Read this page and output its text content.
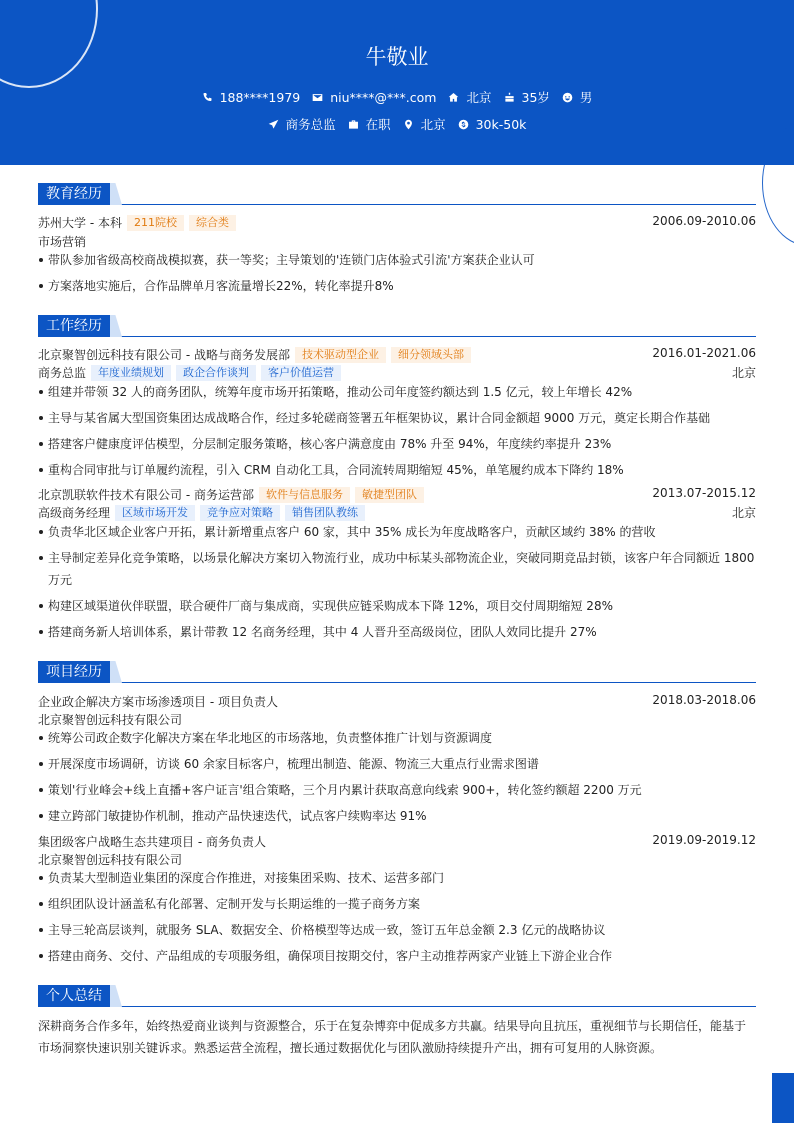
牛敬业
188****1979 niu****@***.com 北京 35岁 男
商务总监 在职 北京 30k-50k
教育经历
苏州大学 - 本科 211院校 综合类	2006.09-2010.06
市场营销
带队参加省级高校商战模拟赛，获一等奖；主导策划的'连锁门店体验式引流'方案获企业认可
方案落地实施后，合作品牌单月客流量增长22%，转化率提升8%
工作经历
北京聚智创远科技有限公司 - 战略与商务发展部 技术驱动型企业 细分领域头部	2016.01-2021.06
商务总监 年度业绩规划 政企合作谈判 客户价值运营	北京
组建并带领 32 人的商务团队，统筹年度市场开拓策略，推动公司年度签约额达到 1.5 亿元，较上年增长 42%
主导与某省属大型国资集团达成战略合作，经过多轮磋商签署五年框架协议，累计合同金额超 9000 万元，奠定长期合作基础
搭建客户健康度评估模型，分层制定服务策略，核心客户满意度由 78% 升至 94%，年度续约率提升 23%
重构合同审批与订单履约流程，引入 CRM 自动化工具，合同流转周期缩短 45%，单笔履约成本下降约 18%
北京凯联软件技术有限公司 - 商务运营部 软件与信息服务 敏捷型团队	2013.07-2015.12
高级商务经理 区域市场开发 竞争应对策略 销售团队教练	北京
负责华北区域企业客户开拓，累计新增重点客户 60 家，其中 35% 成长为年度战略客户，贡献区域约 38% 的营收
主导制定差异化竞争策略，以场景化解决方案切入物流行业，成功中标某头部物流企业，突破同期竞品封锁，该客户年合同额近 1800 万元
构建区域渠道伙伴联盟，联合硬件厂商与集成商，实现供应链采购成本下降 12%，项目交付周期缩短 28%
搭建商务新人培训体系，累计带教 12 名商务经理，其中 4 人晋升至高级岗位，团队人效同比提升 27%
项目经历
企业政企解决方案市场渗透项目 - 项目负责人	2018.03-2018.06
北京聚智创远科技有限公司
统筹公司政企数字化解决方案在华北地区的市场落地，负责整体推广计划与资源调度
开展深度市场调研，访谈 60 余家目标客户，梳理出制造、能源、物流三大重点行业需求图谱
策划'行业峰会+线上直播+客户证言'组合策略，三个月内累计获取高意向线索 900+，转化签约额超 2200 万元
建立跨部门敏捷协作机制，推动产品快速迭代，试点客户续购率达 91%
集团级客户战略生态共建项目 - 商务负责人	2019.09-2019.12
北京聚智创远科技有限公司
负责某大型制造业集团的深度合作推进，对接集团采购、技术、运营多部门
组织团队设计涵盖私有化部署、定制开发与长期运维的一揽子商务方案
主导三轮高层谈判，就服务 SLA、数据安全、价格模型等达成一致，签订五年总金额 2.3 亿元的战略协议
搭建由商务、交付、产品组成的专项服务组，确保项目按期交付，客户主动推荐两家产业链上下游企业合作
个人总结
深耕商务合作多年，始终热爱商业谈判与资源整合，乐于在复杂博弈中促成多方共赢。结果导向且抗压，重视细节与长期信任，能基于市场洞察快速识别关键诉求。熟悉运营全流程，擅长通过数据优化与团队激励持续提升产出，拥有可复用的人脉资源。
